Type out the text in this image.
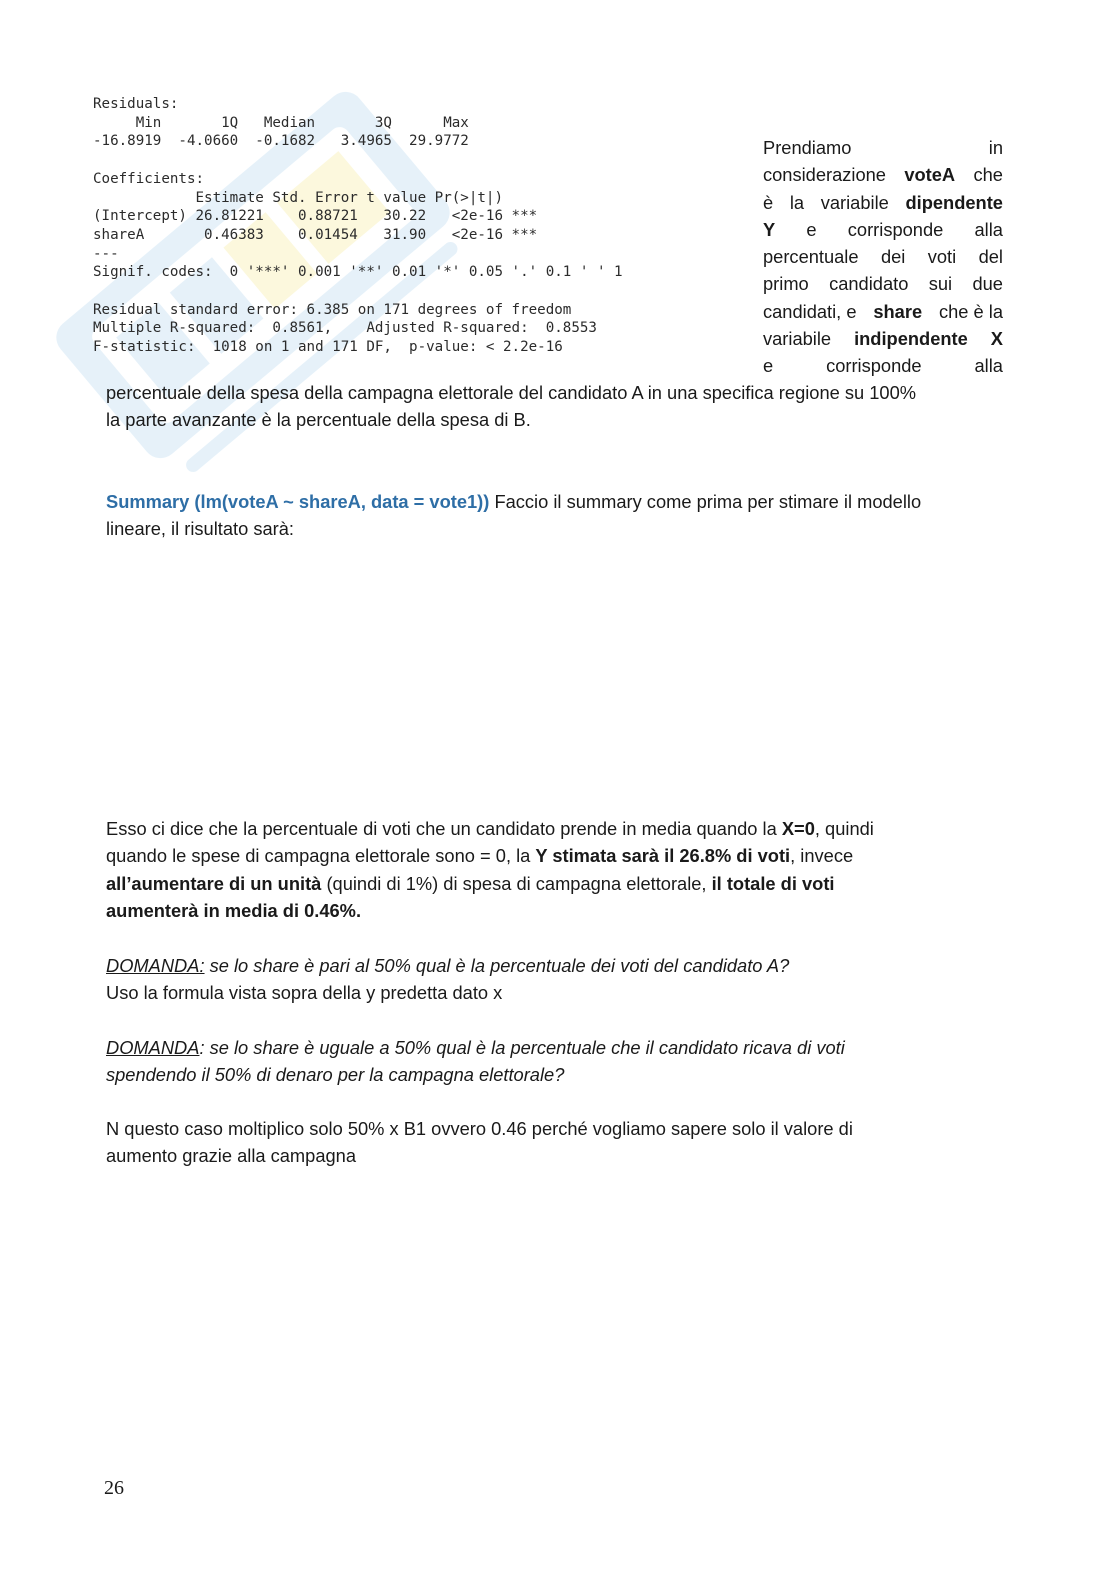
Residuals:
Min       1Q   Median       3Q      Max
-16.8919  -4.0660  -0.1682   3.4965  29.9772

Coefficients:
Estimate Std. Error t value Pr(>|t|)
(Intercept) 26.81221    0.88721   30.22   <2e-16 ***
shareA       0.46383    0.01454   31.90   <2e-16 ***
---
Signif. codes:  0 '***' 0.001 '**' 0.01 '*' 0.05 '.' 0.1 ' ' 1

Residual standard error: 6.385 on 171 degrees of freedom
Multiple R-squared:  0.8561,    Adjusted R-squared:  0.8553
F-statistic:  1018 on 1 and 171 DF,  p-value: < 2.2e-16
Prendiamo	in
considerazione voteA che
è la variabile dipendente
Y e corrisponde alla
percentuale dei voti del
primo candidato sui due
candidati, e share che è la
variabile indipendente X
e	corrisponde	alla
percentuale della spesa della campagna elettorale del candidato A in una specifica regione su 100%
la parte avanzante è la percentuale della spesa di B.
Summary (lm(voteA ~ shareA, data = vote1)) Faccio il summary come prima per stimare il modello
lineare, il risultato sarà:
Esso ci dice che la percentuale di voti che un candidato prende in media quando la X=0, quindi
quando le spese di campagna elettorale sono = 0, la Y stimata sarà il 26.8% di voti, invece
all’aumentare di un unità (quindi di 1%) di spesa di campagna elettorale, il totale di voti
aumenterà in media di 0.46%.
DOMANDA: se lo share è pari al 50% qual è la percentuale dei voti del candidato A?
Uso la formula vista sopra della y predetta dato x
DOMANDA: se lo share è uguale a 50% qual è la percentuale che il candidato ricava di voti
spendendo il 50% di denaro per la campagna elettorale?
N questo caso moltiplico solo 50% x B1 ovvero 0.46 perché vogliamo sapere solo il valore di
aumento grazie alla campagna
26
